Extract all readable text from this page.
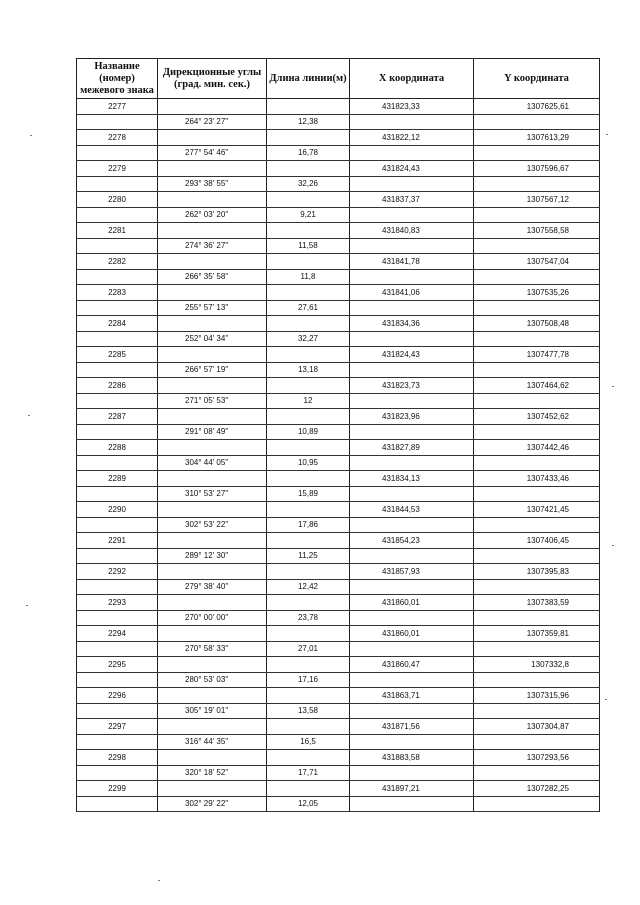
Название (номер) межевого знака	Дирекционные углы (град. мин. сек.)	Длина линии(м)	X координата	Y координата
2277			431823,33	1307625,61
	264° 23' 27"	12,38		
2278			431822,12	1307613,29
	277° 54' 46"	16,78		
2279			431824,43	1307596,67
	293° 38' 55"	32,26		
2280			431837,37	1307567,12
	262° 03' 20"	9,21		
2281			431840,83	1307558,58
	274° 36' 27"	11,58		
2282			431841,78	1307547,04
	266° 35' 58"	11,8		
2283			431841,06	1307535,26
	255° 57' 13"	27,61		
2284			431834,36	1307508,48
	252° 04' 34"	32,27		
2285			431824,43	1307477,78
	266° 57' 19"	13,18		
2286			431823,73	1307464,62
	271° 05' 53"	12		
2287			431823,96	1307452,62
	291° 08' 49"	10,89		
2288			431827,89	1307442,46
	304° 44' 05"	10,95		
2289			431834,13	1307433,46
	310° 53' 27"	15,89		
2290			431844,53	1307421,45
	302° 53' 22"	17,86		
2291			431854,23	1307406,45
	289° 12' 30"	11,25		
2292			431857,93	1307395,83
	279° 38' 40"	12,42		
2293			431860,01	1307383,59
	270° 00' 00"	23,78		
2294			431860,01	1307359,81
	270° 58' 33"	27,01		
2295			431860,47	1307332,8
	280° 53' 03"	17,16		
2296			431863,71	1307315,96
	305° 19' 01"	13,58		
2297			431871,56	1307304,87
	316° 44' 35"	16,5		
2298			431883,58	1307293,56
	320° 18' 52"	17,71		
2299			431897,21	1307282,25
	302° 29' 22"	12,05		
